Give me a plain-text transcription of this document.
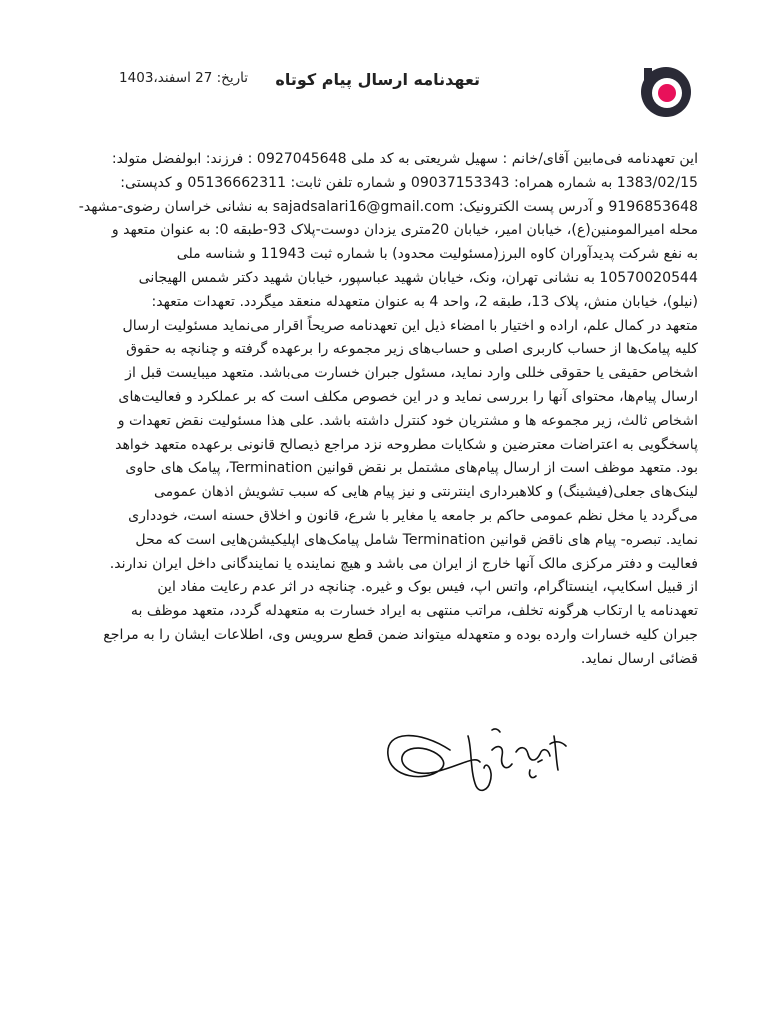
تعهدنامه ارسال پیام کوتاه
تاریخ: 27 اسفند،1403
این تعهدنامه فی‌مابین آقای/خانم : سهیل شریعتی به کد ملی 0927045648 : فرزند: ابولفضل متولد:
1383/02/15 به شماره همراه: 09037153343 و شماره تلفن ثابت: 05136662311 و کدپستی:
9196853648 و آدرس پست الکترونیک: sajadsalari16@gmail.com به نشانی خراسان رضوی-مشهد-
محله امیرالمومنین(ع)، خیابان امیر، خیابان 20متری یزدان دوست-پلاک 93-طبقه 0: به عنوان متعهد و
به نفع شرکت پدیدآوران کاوه البرز(مسئولیت محدود) با شماره ثبت 11943 و شناسه ملی
10570020544 به نشانی تهران، ونک، خیابان شهید عباسپور، خیابان شهید دکتر شمس الهیجانی
(نیلو)، خیابان منش، پلاک 13، طبقه 2، واحد 4 به عنوان متعهدله منعقد میگردد. تعهدات متعهد:
متعهد در کمال علم، اراده و اختیار با امضاء ذیل این تعهدنامه صریحاً اقرار می‌نماید مسئولیت ارسال
کلیه پیامک‌ها از حساب کاربری اصلی و حساب‌های زیر مجموعه را برعهده گرفته و چنانچه به حقوق
اشخاص حقیقی یا حقوقی خللی وارد نماید، مسئول جبران خسارت می‌باشد. متعهد میبایست قبل از
ارسال پیام‌ها، محتوای آنها را بررسی نماید و در این خصوص مکلف است که بر عملکرد و فعالیت‌های
اشخاص ثالث، زیر مجموعه ها و مشتریان خود کنترل داشته باشد. علی هذا مسئولیت نقض تعهدات و
پاسخگویی به اعتراضات معترضین و شکایات مطروحه نزد مراجع ذیصالح قانونی برعهده متعهد خواهد
بود. متعهد موظف است از ارسال پیام‌های مشتمل بر نقض قوانین Termination، پیامک های حاوی
لینک‌های جعلی(فیشینگ) و کلاهبرداری اینترنتی و نیز پیام هایی که سبب تشویش اذهان عمومی
می‌گردد یا مخل نظم عمومی حاکم بر جامعه یا مغایر با شرع، قانون و اخلاق حسنه است، خودداری
نماید. تبصره- پیام های ناقض قوانین Termination شامل پیامک‌های اپلیکیشن‌هایی است که محل
فعالیت و دفتر مرکزی مالک آنها خارج از ایران می باشد و هیچ نماینده یا نمایندگانی داخل ایران ندارند.
از قبیل اسکایپ، اینستاگرام، واتس اپ، فیس بوک و غیره. چنانچه در اثر عدم رعایت مفاد این
تعهدنامه یا ارتکاب هرگونه تخلف، مراتب منتهی به ایراد خسارت به متعهدله گردد، متعهد موظف به
جبران کلیه خسارات وارده بوده و متعهدله میتواند ضمن قطع سرویس وی، اطلاعات ایشان را به مراجع
قضائی ارسال نماید.
